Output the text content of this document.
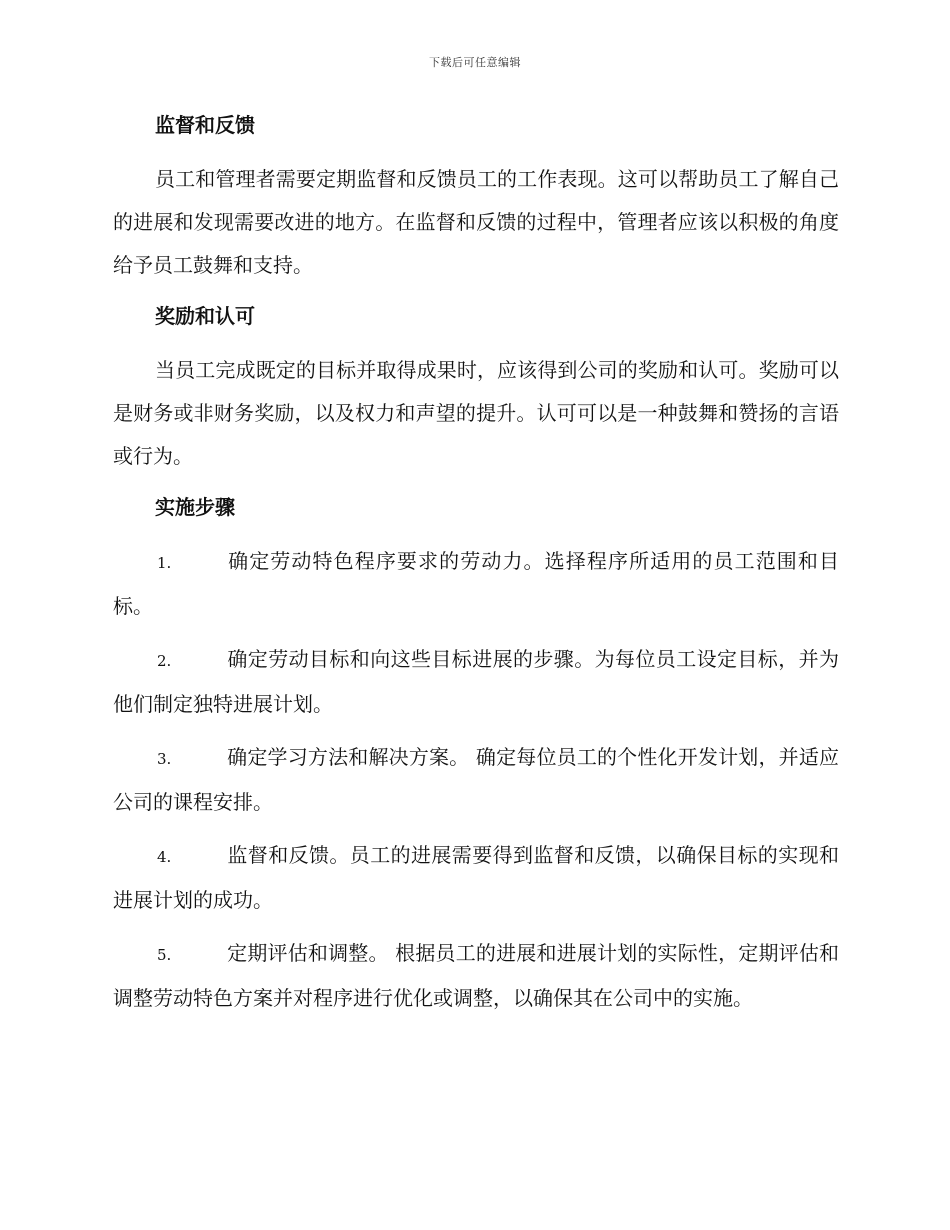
下载后可任意编辑
监督和反馈

员工和管理者需要定期监督和反馈员工的工作表现。这可以帮助员工了解自己的进展和发现需要改进的地方。在监督和反馈的过程中，管理者应该以积极的角度给予员工鼓舞和支持。

奖励和认可

当员工完成既定的目标并取得成果时，应该得到公司的奖励和认可。奖励可以是财务或非财务奖励，以及权力和声望的提升。认可可以是一种鼓舞和赞扬的言语或行为。

实施步骤

1.	确定劳动特色程序要求的劳动力。选择程序所适用的员工范围和目标。

2.	确定劳动目标和向这些目标进展的步骤。为每位员工设定目标，并为他们制定独特进展计划。

3.	确定学习方法和解决方案。 确定每位员工的个性化开发计划，并适应公司的课程安排。

4.	监督和反馈。员工的进展需要得到监督和反馈，以确保目标的实现和进展计划的成功。

5.	定期评估和调整。 根据员工的进展和进展计划的实际性，定期评估和调整劳动特色方案并对程序进行优化或调整，以确保其在公司中的实施。
